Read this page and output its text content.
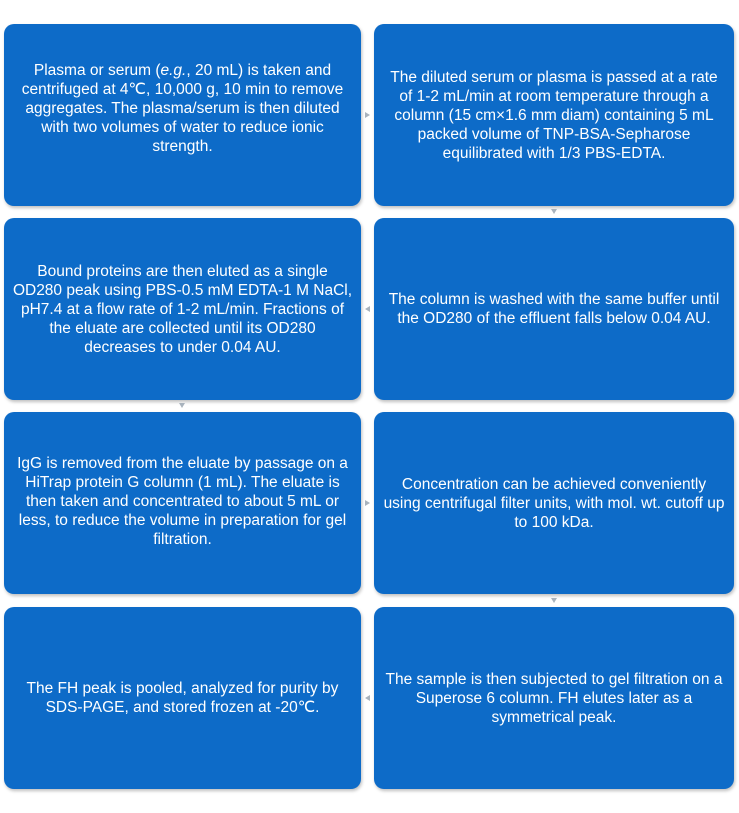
Plasma or serum (e.g., 20 mL) is taken and centrifuged at 4℃, 10,000 g, 10 min to remove aggregates. The plasma/serum is then diluted with two volumes of water to reduce ionic strength.
The diluted serum or plasma is passed at a rate of 1-2 mL/min at room temperature through a column (15 cm×1.6 mm diam) containing 5 mL packed volume of TNP-BSA-Sepharose equilibrated with 1/3 PBS-EDTA.
The column is washed with the same buffer until the OD280 of the effluent falls below 0.04 AU.
Bound proteins are then eluted as a single OD280 peak using PBS-0.5 mM EDTA-1 M NaCl, pH7.4 at a flow rate of 1-2 mL/min. Fractions of the eluate are collected until its OD280 decreases to under 0.04 AU.
IgG is removed from the eluate by passage on a HiTrap protein G column (1 mL). The eluate is then taken and concentrated to about 5 mL or less, to reduce the volume in preparation for gel filtration.
Concentration can be achieved conveniently using centrifugal filter units, with mol. wt. cutoff up to 100 kDa.
The sample is then subjected to gel filtration on a Superose 6 column. FH elutes later as a symmetrical peak.
The FH peak is pooled, analyzed for purity by SDS-PAGE, and stored frozen at -20℃.
